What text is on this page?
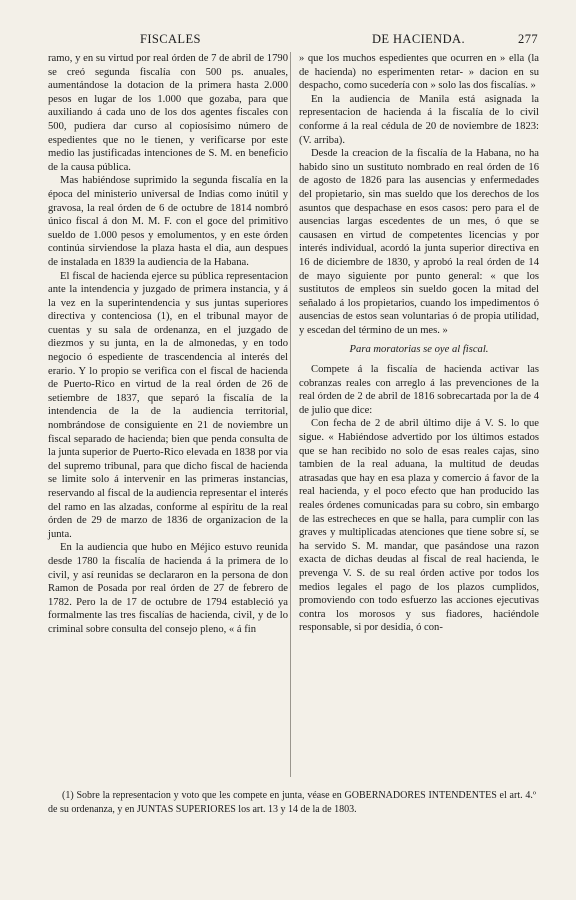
FISCALES	DE HACIENDA.	277

ramo, y en su virtud por real órden de 7 de abril de 1790 se creó segunda fiscalía con 500 ps. anuales, aumentándose la dotacion de la primera hasta 2.000 pesos en lugar de los 1.000 que gozaba, para que auxiliando á cada uno de los dos agentes fiscales con 500, pudiera dar curso al copiosísimo número de espedientes que no le tienen, y verificarse por este medio las justificadas intenciones de S. M. en beneficio de la causa pública.

Mas habiéndose suprimido la segunda fiscalía en la época del ministerio universal de Indias como inútil y gravosa, la real órden de 6 de octubre de 1814 nombró único fiscal á don M. M. F. con el goce del primitivo sueldo de 1.000 pesos y emolumentos, y en este órden continúa sirviendose la plaza hasta el dia, aun despues de instalada en 1839 la audiencia de la Habana.

El fiscal de hacienda ejerce su pública representacion ante la intendencia y juzgado de primera instancia, y á la vez en la superintendencia y sus juntas superiores directiva y contenciosa (1), en el tribunal mayor de cuentas y su sala de ordenanza, en el juzgado de diezmos y su junta, en la de almonedas, y en todo negocio ó espediente de trascendencia al interés del erario. Y lo propio se verifica con el fiscal de hacienda de Puerto-Rico en virtud de la real órden de 26 de setiembre de 1837, que separó la fiscalía de la intendencia de la de la audiencia territorial, nombrándose de consiguiente en 21 de noviembre un fiscal separado de hacienda; bien que penda consulta de la junta superior de Puerto-Rico elevada en 1838 por via del supremo tribunal, para que dicho fiscal de hacienda se limite solo á intervenir en las primeras instancias, reservando al fiscal de la audiencia representar el interés del ramo en las alzadas, conforme al espíritu de la real órden de 29 de marzo de 1836 de organizacion de la junta.

En la audiencia que hubo en Méjico estuvo reunida desde 1780 la fiscalía de hacienda á la primera de lo civil, y así reunidas se declararon en la persona de don Ramon de Posada por real órden de 27 de febrero de 1782. Pero la de 17 de octubre de 1794 estableció ya formalmente las tres fiscalías de hacienda, civil, y de lo criminal sobre consulta del consejo pleno, « á fin

» que los muchos espedientes que ocurren en » ella (la de hacienda) no esperimenten retar- » dacion en su despacho, como sucedería con » solo las dos fiscalías. »

En la audiencia de Manila está asignada la representacion de hacienda á la fiscalía de lo civil conforme á la real cédula de 20 de noviembre de 1823: (V. arriba).

Desde la creacion de la fiscalía de la Habana, no ha habido sino un sustituto nombrado en real órden de 16 de agosto de 1826 para las ausencias y enfermedades del propietario, sin mas sueldo que los derechos de los asuntos que despachase en esos casos: pero para el de ausencias largas escedentes de un mes, ó que se causasen en virtud de competentes licencias y por interés individual, acordó la junta superior directiva en 16 de diciembre de 1830, y aprobó la real órden de 14 de mayo siguiente por punto general: « que los sustitutos de empleos sin sueldo gocen la mitad del señalado á los propietarios, cuando los impedimentos ó ausencias de estos sean voluntarias ó de propia utilidad, y escedan del término de un mes. »

Para moratorias se oye al fiscal.

Compete á la fiscalía de hacienda activar las cobranzas reales con arreglo á las prevenciones de la real órden de 2 de abril de 1816 sobrecartada por la de 4 de julio que dice:

Con fecha de 2 de abril último dije á V. S. lo que sigue. « Habiéndose advertido por los últimos estados que se han recibido no solo de esas reales cajas, sino tambien de la real aduana, la multitud de deudas atrasadas que hay en esa plaza y comercio á favor de la real hacienda, y el poco efecto que han producido las reales órdenes comunicadas para su cobro, sin embargo de las estrecheces en que se halla, para cumplir con las graves y multiplicadas atenciones que tiene sobre sí, se ha servido S. M. mandar, que pasándose una razon exacta de dichas deudas al fiscal de real hacienda, le prevenga V. S. de su real órden active por todos los medios legales el pago de los plazos cumplidos, promoviendo con todo esfuerzo las acciones ejecutivas contra los morosos y sus fiadores, haciéndole responsable, si por desidia, ó con-

(1) Sobre la representacion y voto que les compete en junta, véase en GOBERNADORES INTENDENTES el art. 4.º de su ordenanza, y en JUNTAS SUPERIORES los art. 13 y 14 de la de 1803.
